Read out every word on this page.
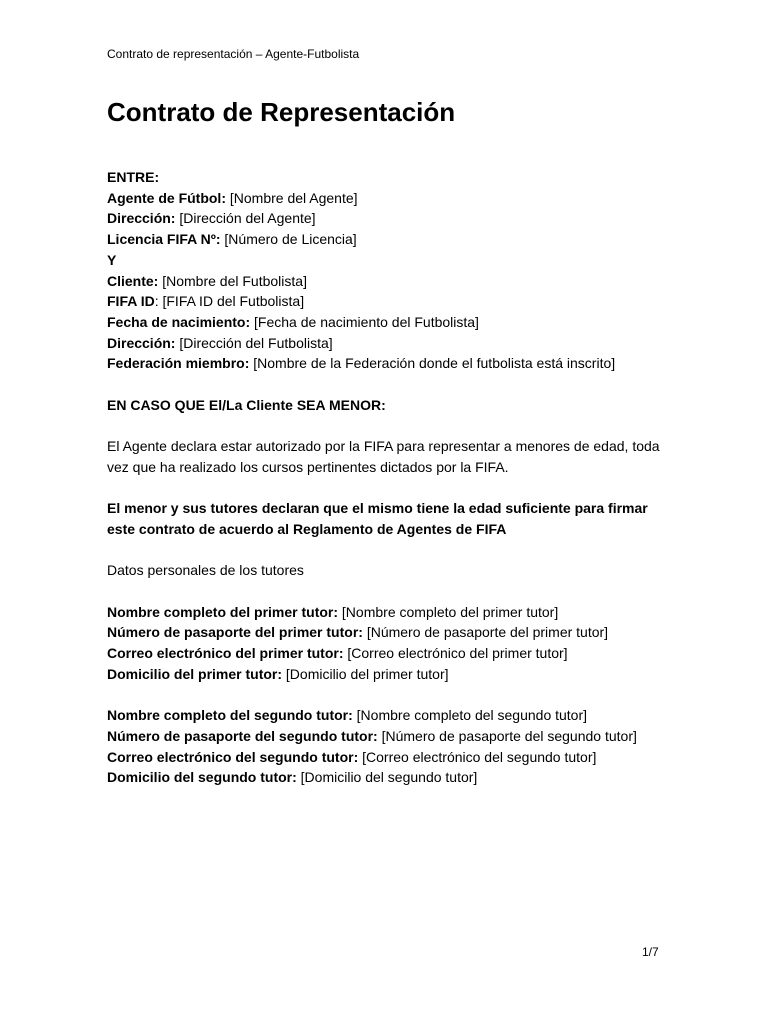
Contrato de representación – Agente-Futbolista
Contrato de Representación
ENTRE:
Agente de Fútbol: [Nombre del Agente]
Dirección: [Dirección del Agente]
Licencia FIFA Nº: [Número de Licencia]
Y
Cliente: [Nombre del Futbolista]
FIFA ID: [FIFA ID del Futbolista]
Fecha de nacimiento: [Fecha de nacimiento del Futbolista]
Dirección: [Dirección del Futbolista]
Federación miembro: [Nombre de la Federación donde el futbolista está inscrito]
EN CASO QUE El/La Cliente SEA MENOR:
El Agente declara estar autorizado por la FIFA para representar a menores de edad, toda vez que ha realizado los cursos pertinentes dictados por la FIFA.
El menor y sus tutores declaran que el mismo tiene la edad suficiente para firmar este contrato de acuerdo al Reglamento de Agentes de FIFA
Datos personales de los tutores
Nombre completo del primer tutor: [Nombre completo del primer tutor]
Número de pasaporte del primer tutor: [Número de pasaporte del primer tutor]
Correo electrónico del primer tutor: [Correo electrónico del primer tutor]
Domicilio del primer tutor: [Domicilio del primer tutor]
Nombre completo del segundo tutor: [Nombre completo del segundo tutor]
Número de pasaporte del segundo tutor: [Número de pasaporte del segundo tutor]
Correo electrónico del segundo tutor: [Correo electrónico del segundo tutor]
Domicilio del segundo tutor: [Domicilio del segundo tutor]
1/7
